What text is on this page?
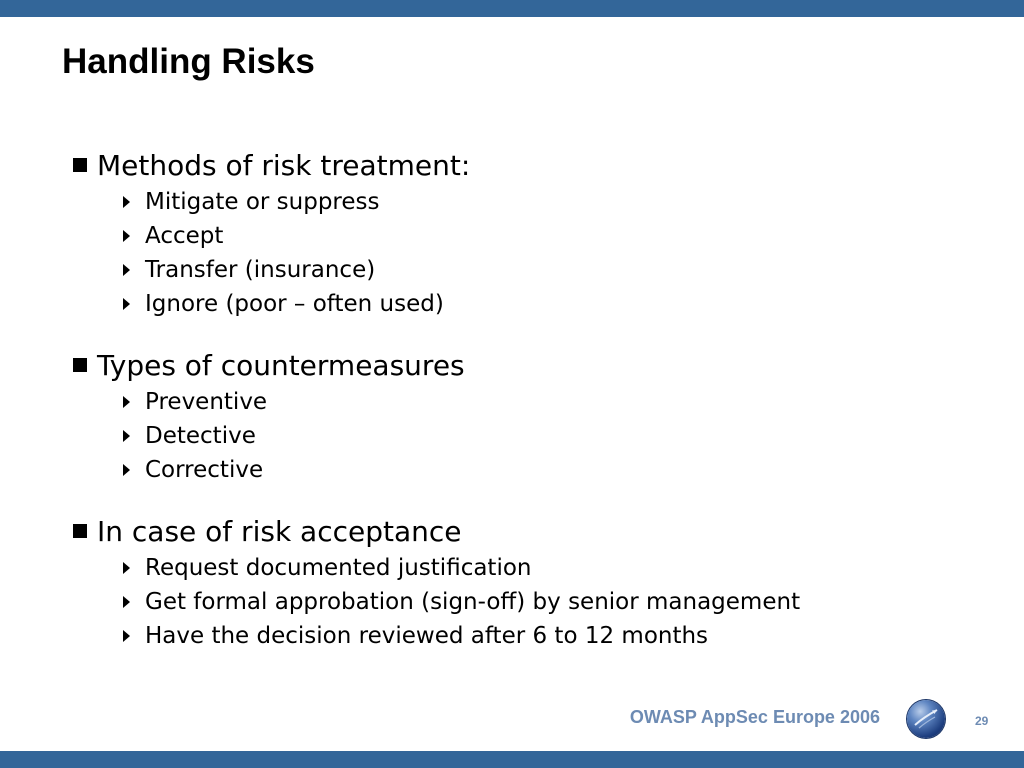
Handling Risks
Methods of risk treatment:
Mitigate or suppress
Accept
Transfer (insurance)
Ignore (poor – often used)
Types of countermeasures
Preventive
Detective
Corrective
In case of risk acceptance
Request documented justification
Get formal approbation (sign-off) by senior management
Have the decision reviewed after 6 to 12 months
OWASP AppSec Europe 2006	29
